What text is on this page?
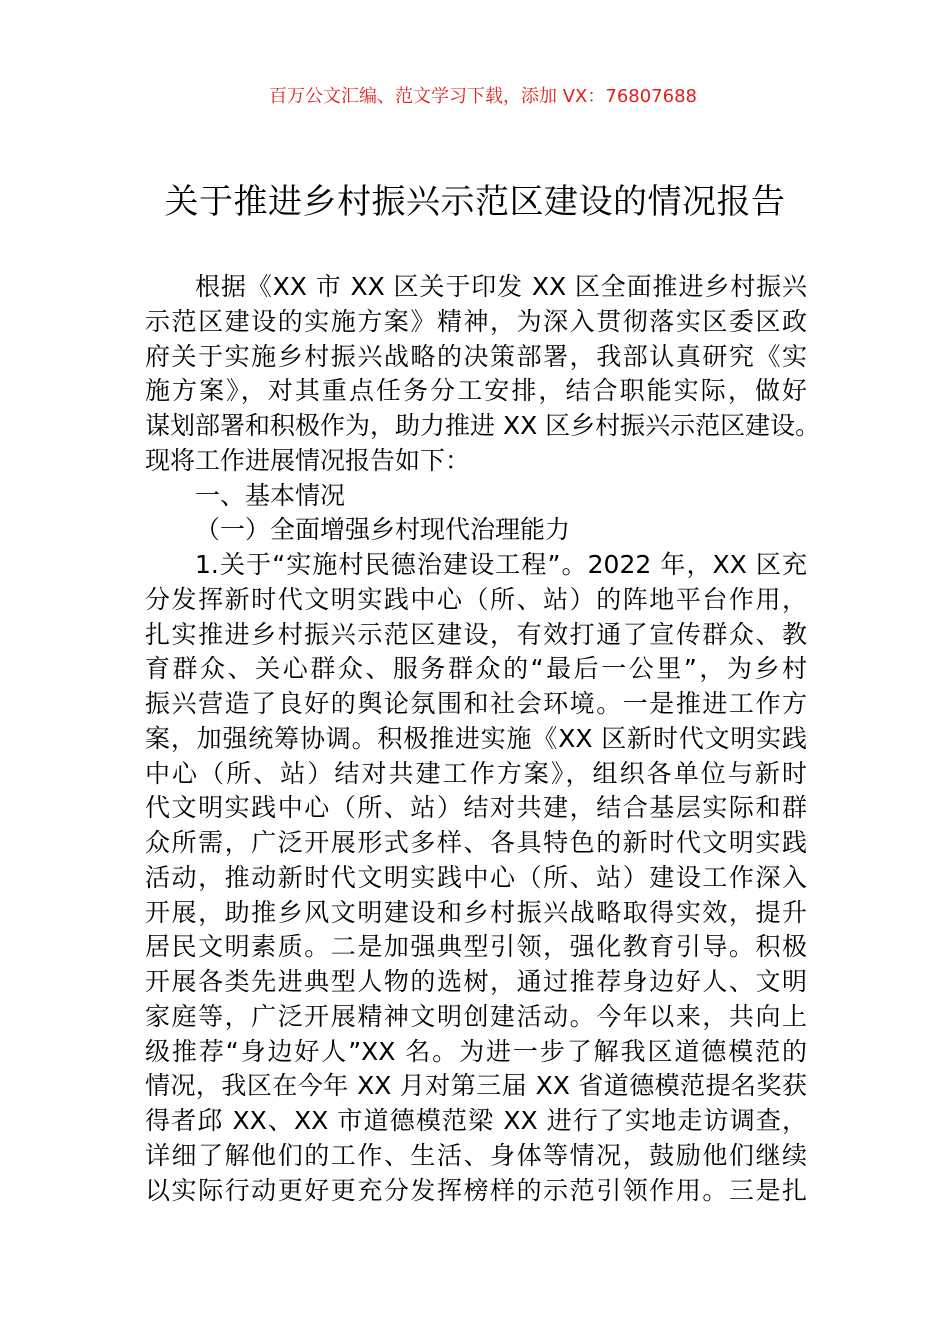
百万公文汇编、范文学习下载，添加 VX：76807688
关于推进乡村振兴示范区建设的情况报告
根据《XX 市 XX 区关于印发 XX 区全面推进乡村振兴
示范区建设的实施方案》精神，为深入贯彻落实区委区政
府关于实施乡村振兴战略的决策部署，我部认真研究《实
施方案》，对其重点任务分工安排，结合职能实际，做好
谋划部署和积极作为，助力推进 XX 区乡村振兴示范区建设。
现将工作进展情况报告如下：
一、基本情况
（一）全面增强乡村现代治理能力
1.关于“实施村民德治建设工程”。2022 年，XX 区充
分发挥新时代文明实践中心（所、站）的阵地平台作用，
扎实推进乡村振兴示范区建设，有效打通了宣传群众、教
育群众、关心群众、服务群众的“最后一公里”，为乡村
振兴营造了良好的舆论氛围和社会环境。一是推进工作方
案，加强统筹协调。积极推进实施《XX 区新时代文明实践
中心（所、站）结对共建工作方案》，组织各单位与新时
代文明实践中心（所、站）结对共建，结合基层实际和群
众所需，广泛开展形式多样、各具特色的新时代文明实践
活动，推动新时代文明实践中心（所、站）建设工作深入
开展，助推乡风文明建设和乡村振兴战略取得实效，提升
居民文明素质。二是加强典型引领，强化教育引导。积极
开展各类先进典型人物的选树，通过推荐身边好人、文明
家庭等，广泛开展精神文明创建活动。今年以来，共向上
级推荐“身边好人”XX 名。为进一步了解我区道德模范的
情况，我区在今年 XX 月对第三届 XX 省道德模范提名奖获
得者邱 XX、XX 市道德模范梁 XX 进行了实地走访调查，
详细了解他们的工作、生活、身体等情况，鼓励他们继续
以实际行动更好更充分发挥榜样的示范引领作用。三是扎
